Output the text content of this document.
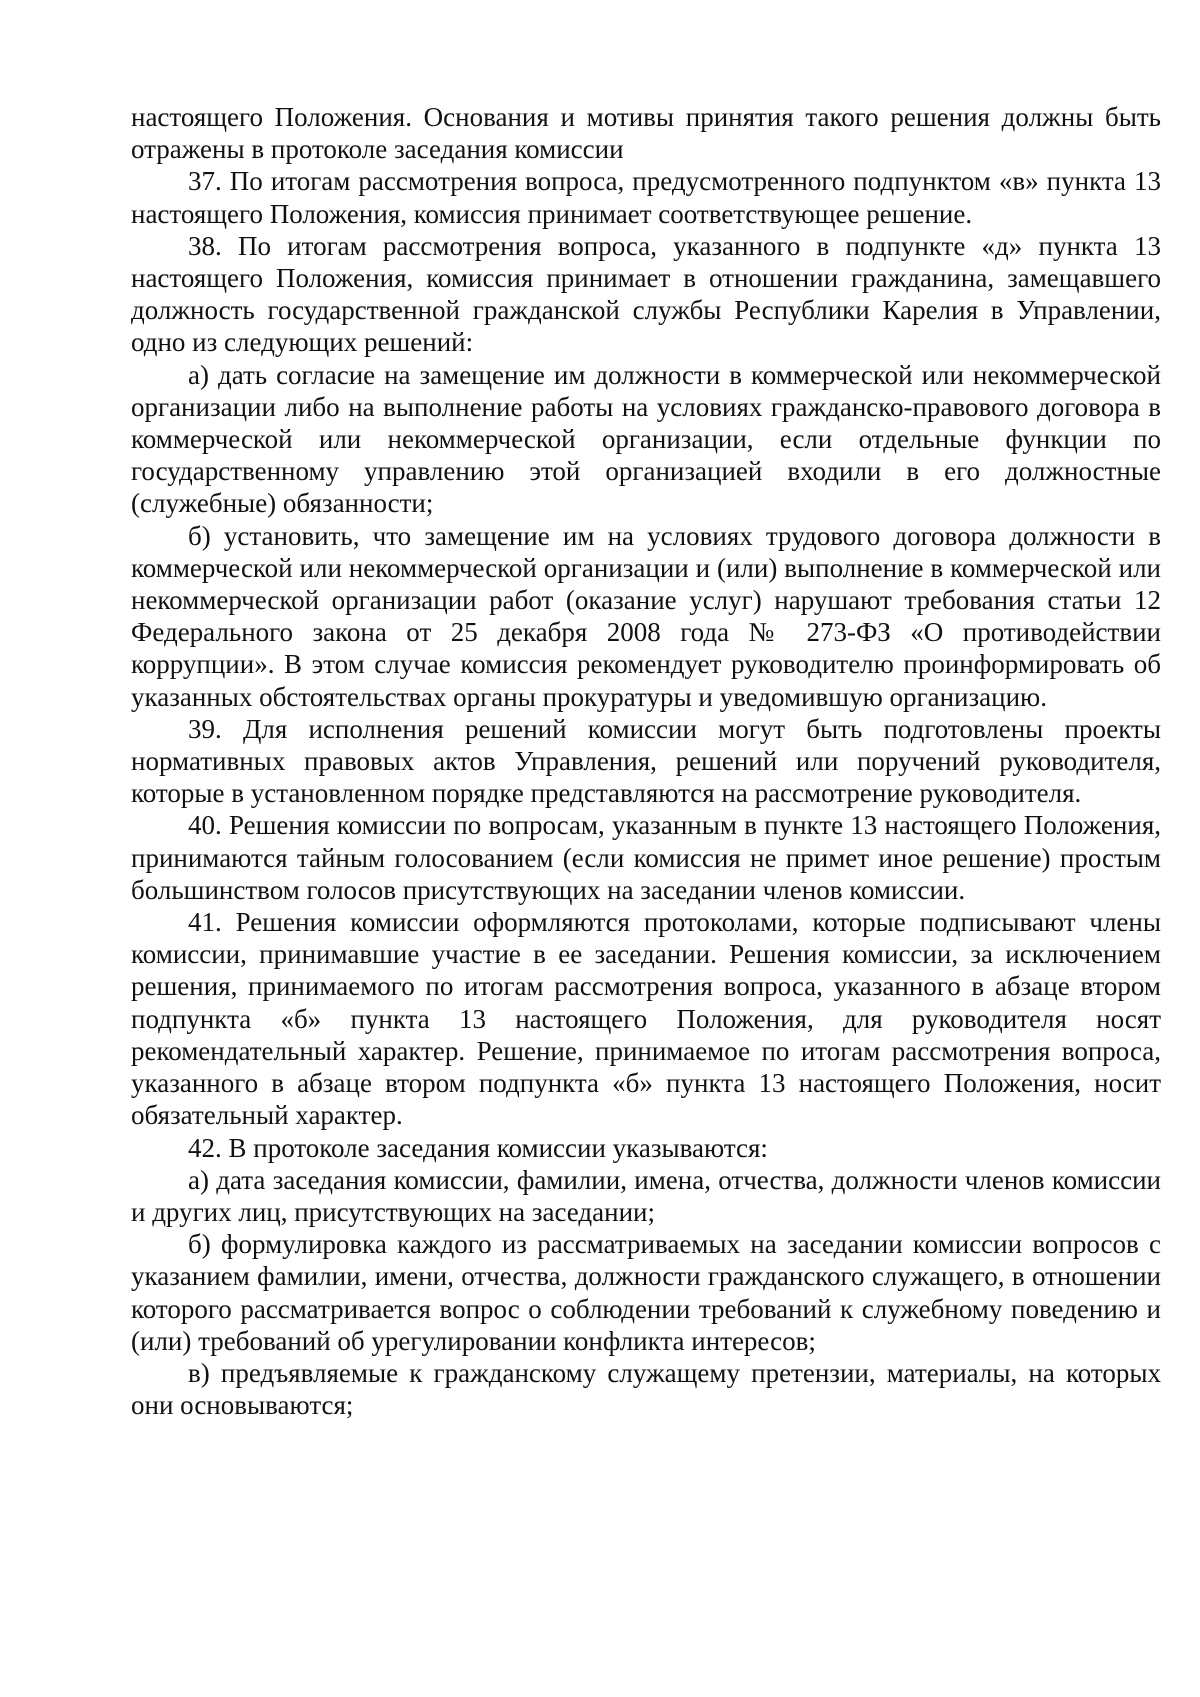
настоящего Положения. Основания и мотивы принятия такого решения должны быть отражены в протоколе заседания комиссии

37. По итогам рассмотрения вопроса, предусмотренного подпунктом «в» пункта 13 настоящего Положения, комиссия принимает соответствующее решение.

38. По итогам рассмотрения вопроса, указанного в подпункте «д» пункта 13 настоящего Положения, комиссия принимает в отношении гражданина, замещавшего должность государственной гражданской службы Республики Карелия в Управлении, одно из следующих решений:

а) дать согласие на замещение им должности в коммерческой или некоммерческой организации либо на выполнение работы на условиях гражданско-правового договора в коммерческой или некоммерческой организации, если отдельные функции по государственному управлению этой организацией входили в его должностные (служебные) обязанности;

б) установить, что замещение им на условиях трудового договора должности в коммерческой или некоммерческой организации и (или) выполнение в коммерческой или некоммерческой организации работ (оказание услуг) нарушают требования статьи 12 Федерального закона от 25 декабря 2008 года № 273-ФЗ «О противодействии коррупции». В этом случае комиссия рекомендует руководителю проинформировать об указанных обстоятельствах органы прокуратуры и уведомившую организацию.

39. Для исполнения решений комиссии могут быть подготовлены проекты нормативных правовых актов Управления, решений или поручений руководителя, которые в установленном порядке представляются на рассмотрение руководителя.

40. Решения комиссии по вопросам, указанным в пункте 13 настоящего Положения, принимаются тайным голосованием (если комиссия не примет иное решение) простым большинством голосов присутствующих на заседании членов комиссии.

41. Решения комиссии оформляются протоколами, которые подписывают члены комиссии, принимавшие участие в ее заседании. Решения комиссии, за исключением решения, принимаемого по итогам рассмотрения вопроса, указанного в абзаце втором подпункта «б» пункта 13 настоящего Положения, для руководителя носят рекомендательный характер. Решение, принимаемое по итогам рассмотрения вопроса, указанного в абзаце втором подпункта «б» пункта 13 настоящего Положения, носит обязательный характер.

42. В протоколе заседания комиссии указываются:

а) дата заседания комиссии, фамилии, имена, отчества, должности членов комиссии и других лиц, присутствующих на заседании;

б) формулировка каждого из рассматриваемых на заседании комиссии вопросов с указанием фамилии, имени, отчества, должности гражданского служащего, в отношении которого рассматривается вопрос о соблюдении требований к служебному поведению и (или) требований об урегулировании конфликта интересов;

в) предъявляемые к гражданскому служащему претензии, материалы, на которых они основываются;
